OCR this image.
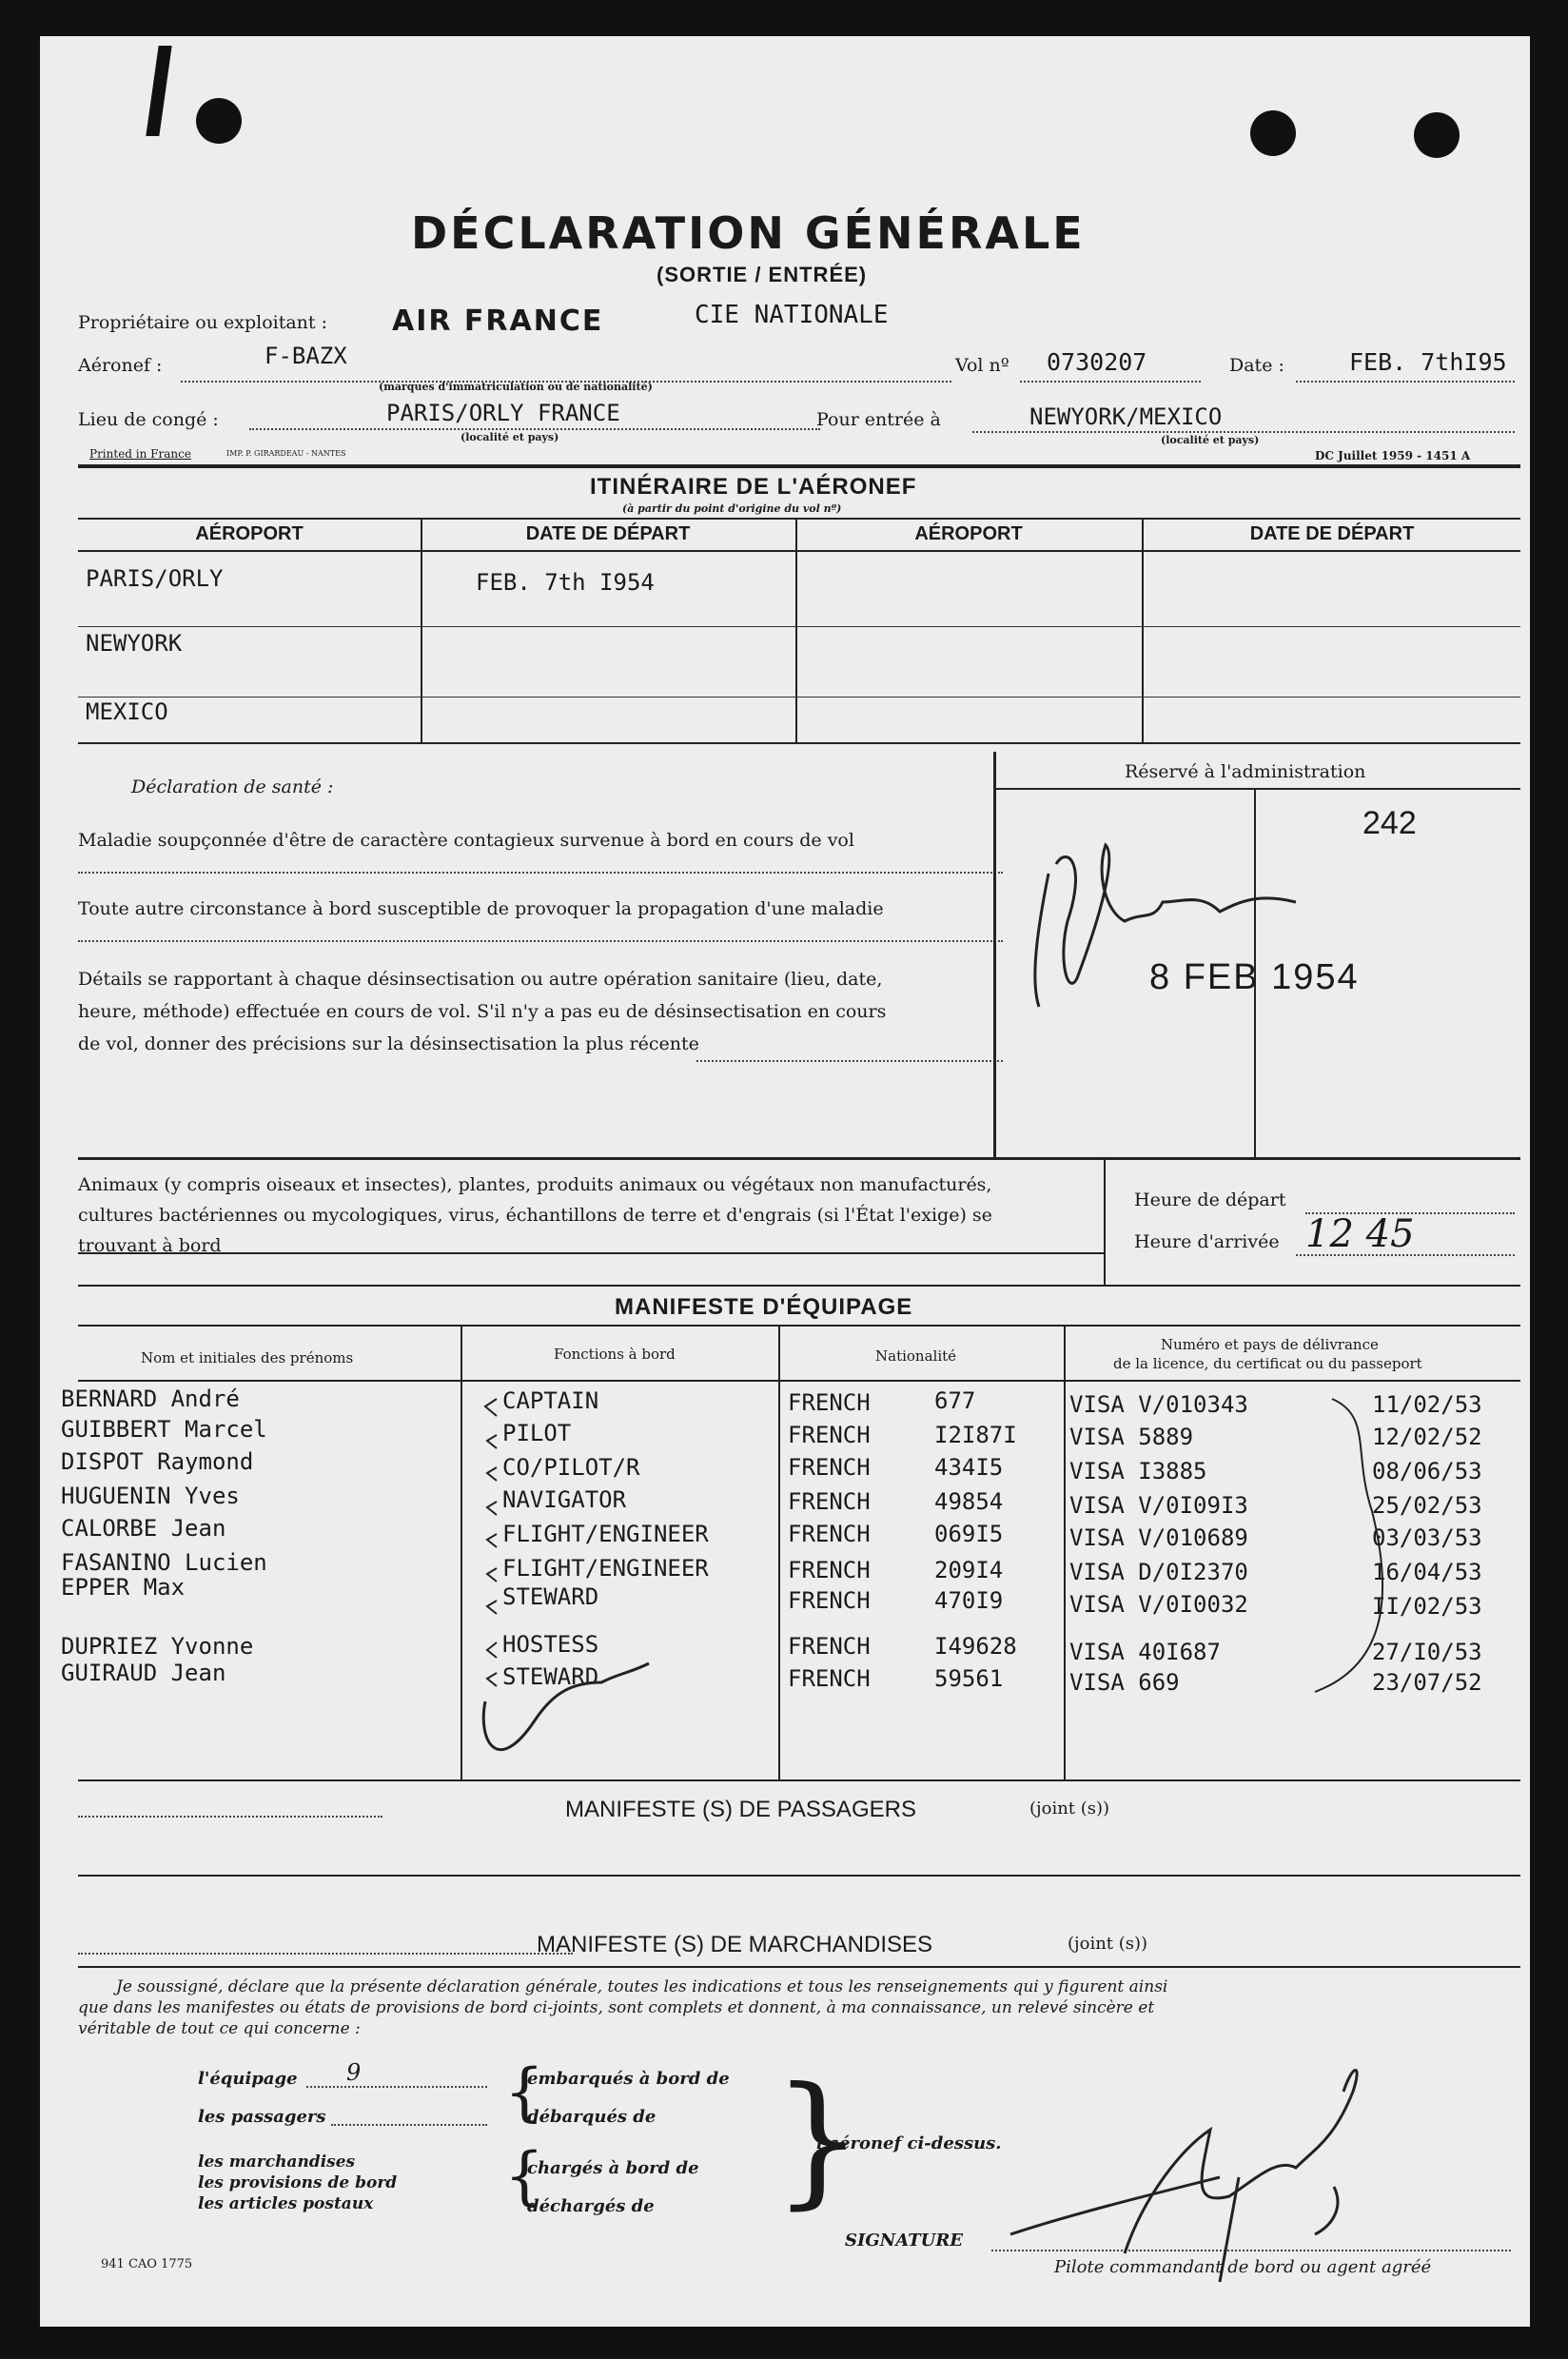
DÉCLARATION GÉNÉRALE
(SORTIE / ENTRÉE)
Propriétaire ou exploitant : AIR FRANCE	CIE NATIONALE
Aéronef :	F-BAZX
(marques d'immatriculation ou de nationalité)
Vol nº 0730207	Date :	FEB. 7thI95
Lieu de congé :	PARIS/ORLY FRANCE
(localité et pays)
Pour entrée à	NEWYORK/MEXICO
(localité et pays)
Printed in France	IMP. P. GIRARDEAU - NANTES	DC Juillet 1959 - 1451 A
ITINÉRAIRE DE L'AÉRONEF
(à partir du point d'origine du vol nº)
AÉROPORT	DATE DE DÉPART	AÉROPORT	DATE DE DÉPART
PARIS/ORLY	FEB. 7th I954
NEWYORK
MEXICO
Déclaration de santé :
Maladie soupçonnée d'être de caractère contagieux survenue à bord en cours de vol
Toute autre circonstance à bord susceptible de provoquer la propagation d'une maladie
Détails se rapportant à chaque désinsectisation ou autre opération sanitaire (lieu, date,
heure, méthode) effectuée en cours de vol. S'il n'y a pas eu de désinsectisation en cours
de vol, donner des précisions sur la désinsectisation la plus récente
Réservé à l'administration
242
8 FEB 1954
Animaux (y compris oiseaux et insectes), plantes, produits animaux ou végétaux non manufacturés,
cultures bactériennes ou mycologiques, virus, échantillons de terre et d'engrais (si l'État l'exige) se
trouvant à bord
Heure de départ
Heure d'arrivée 12 45
MANIFESTE D'ÉQUIPAGE
Nom et initiales des prénoms	Fonctions à bord	Nationalité
Numéro et pays de délivrance
de la licence, du certificat ou du passeport
BERNARD André	CAPTAIN	FRENCH	677	VISA V/010343	11/02/53
GUIBBERT Marcel	PILOT	FRENCH	I2I87I VISA 5889	12/02/52
DISPOT Raymond	CO/PILOT/R	FRENCH	434I5	VISA I3885	08/06/53
HUGUENIN Yves	NAVIGATOR	FRENCH	49854	VISA V/0I09I3	25/02/53
CALORBE Jean	FLIGHT/ENGINEER	FRENCH	069I5	VISA V/010689	03/03/53
FASANINO Lucien	FLIGHT/ENGINEER	FRENCH	209I4	VISA D/0I2370	16/04/53
EPPER Max	STEWARD	FRENCH	470I9	VISA V/0I0032	II/02/53
DUPRIEZ Yvonne	HOSTESS	FRENCH	I49628 VISA 40I687	27/I0/53
GUIRAUD Jean	STEWARD	FRENCH	59561	VISA 669	23/07/52
MANIFESTE (S) DE PASSAGERS	(joint (s))
MANIFESTE (S) DE MARCHANDISES	(joint (s))
Je soussigné, déclare que la présente déclaration générale, toutes les indications et tous les renseignements qui y figurent ainsi
que dans les manifestes ou états de provisions de bord ci-joints, sont complets et donnent, à ma connaissance, un relevé sincère et
véritable de tout ce qui concerne :
l'équipage 9
les passagers
les marchandises
les provisions de bord
les articles postaux
embarqués à bord de
débarqués de
chargés à bord de
déchargés de
{
{ }
l'aéronef ci-dessus.
SIGNATURE
Pilote commandant de bord ou agent agréé
941 CAO 1775
